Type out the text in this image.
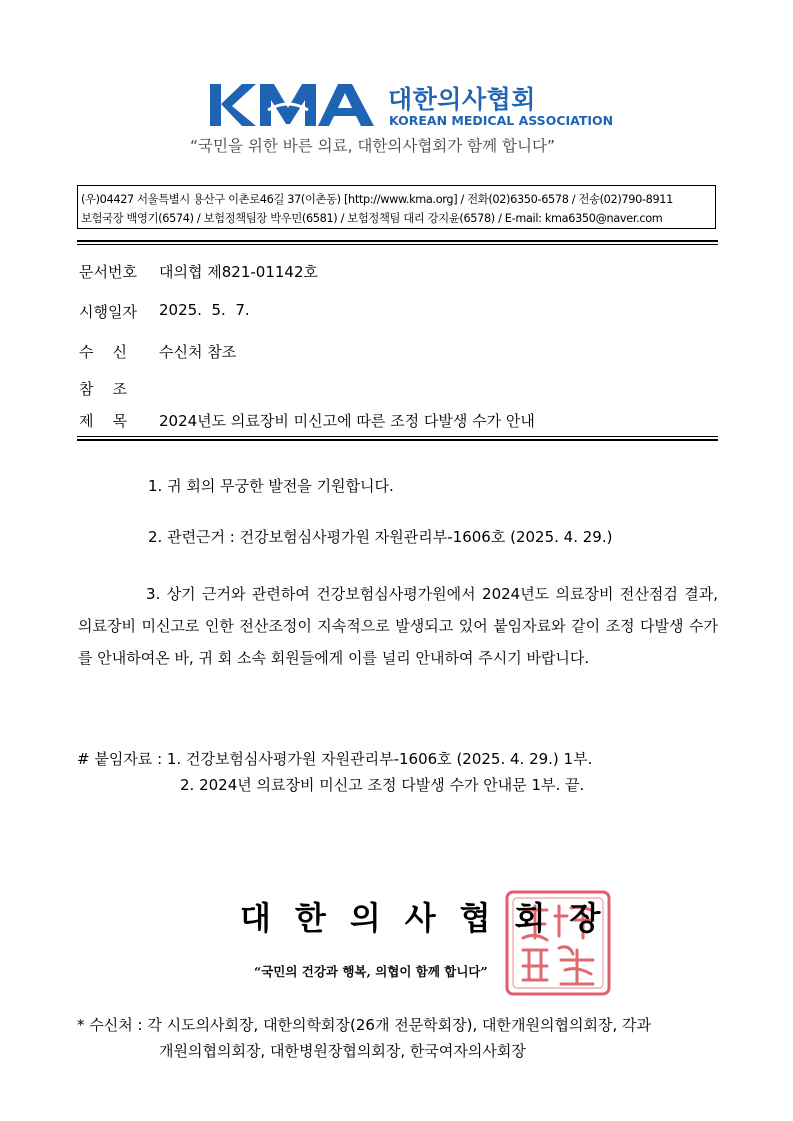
대한의사협회
KOREAN MEDICAL ASSOCIATION
“국민을 위한 바른 의료, 대한의사협회가 함께 합니다”
(우)04427 서울특별시 용산구 이촌로46길 37(이촌동) [http://www.kma.org] / 전화(02)6350-6578 / 전송(02)790-8911
보험국장 백영기(6574) / 보험정책팀장 박우민(6581) / 보험정책팀 대리 강지윤(6578) / E-mail: kma6350@naver.com
문서번호 대의협 제821-01142호
시행일자 2025.  5.  7.
수    신 수신처 참조
참    조
제    목 2024년도 의료장비 미신고에 따른 조정 다발생 수가 안내
1. 귀 회의 무궁한 발전을 기원합니다.
2. 관련근거 : 건강보험심사평가원 자원관리부-1606호 (2025. 4. 29.)
3. 상기 근거와 관련하여 건강보험심사평가원에서 2024년도 의료장비 전산점검 결과, 의료장비 미신고로 인한 전산조정이 지속적으로 발생되고 있어 붙임자료와 같이 조정 다발생 수가를 안내하여온 바, 귀 회 소속 회원들에게 이를 널리 안내하여 주시기 바랍니다.
# 붙임자료 : 1. 건강보험심사평가원 자원관리부-1606호 (2025. 4. 29.) 1부.
2. 2024년 의료장비 미신고 조정 다발생 수가 안내문 1부. 끝.
대한의사협회장
“국민의 건강과 행복, 의협이 함께 합니다”
* 수신처 : 각 시도의사회장, 대한의학회장(26개 전문학회장), 대한개원의협의회장, 각과
개원의협의회장, 대한병원장협의회장, 한국여자의사회장
